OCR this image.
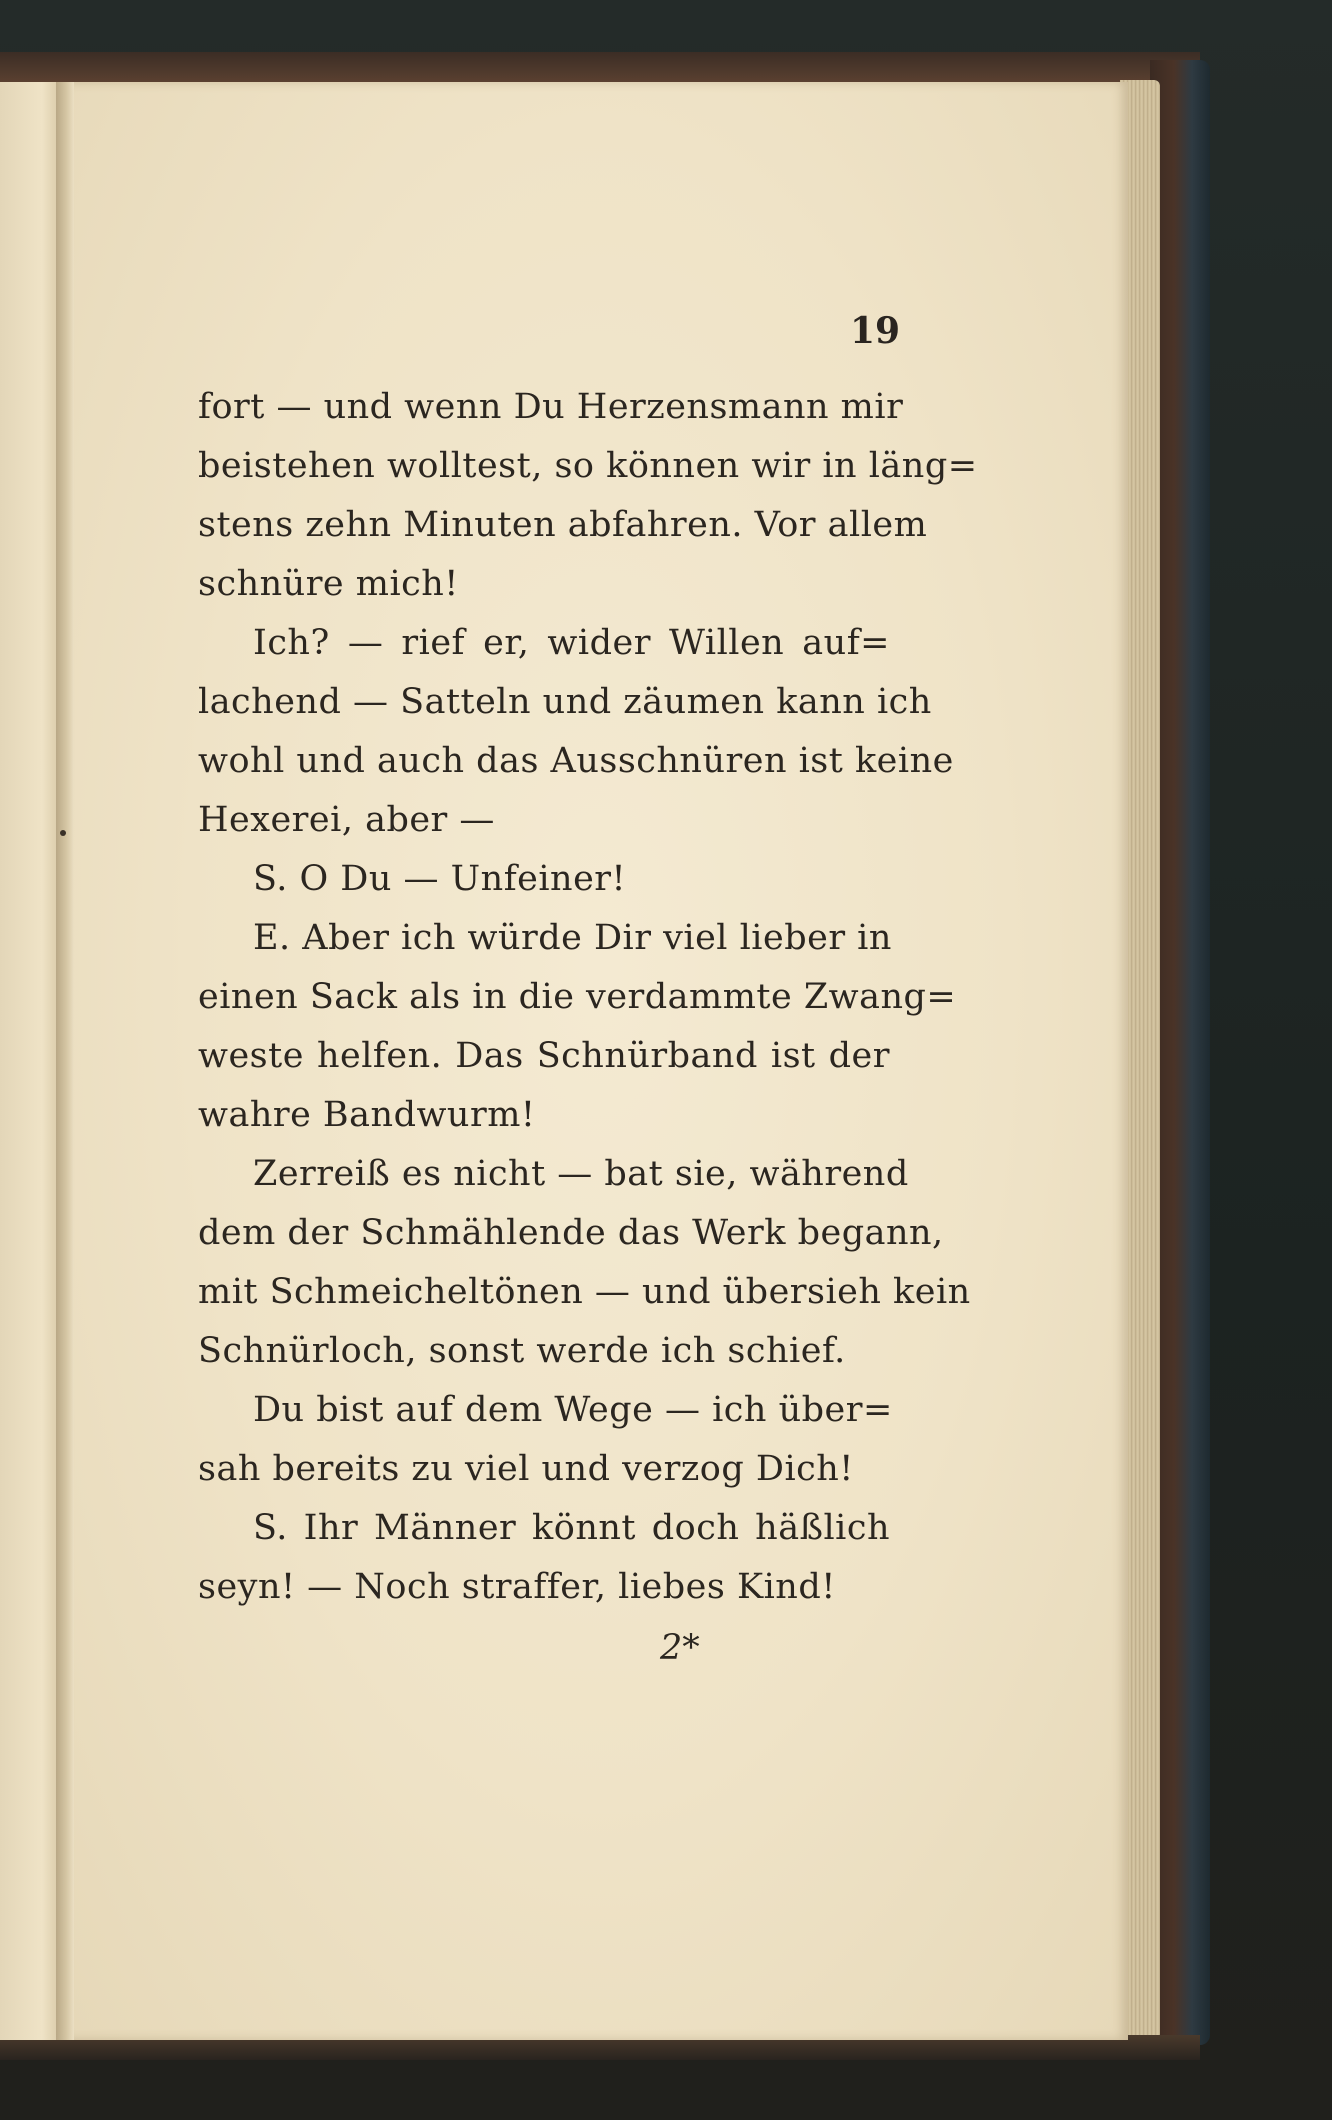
19
fort — und wenn Du Herzensmann mir
beistehen wolltest, so können wir in läng=
stens zehn Minuten abfahren. Vor allem
schnüre mich!
Ich? — rief er, wider Willen auf=
lachend — Satteln und zäumen kann ich
wohl und auch das Ausschnüren ist keine
Hexerei, aber —
S. O Du — Unfeiner!
E. Aber ich würde Dir viel lieber in
einen Sack als in die verdammte Zwang=
weste helfen. Das Schnürband ist der
wahre Bandwurm!
Zerreiß es nicht — bat sie, während
dem der Schmählende das Werk begann,
mit Schmeicheltönen — und übersieh kein
Schnürloch, sonst werde ich schief.
Du bist auf dem Wege — ich über=
sah bereits zu viel und verzog Dich!
S. Ihr Männer könnt doch häßlich
seyn! — Noch straffer, liebes Kind!
2*
